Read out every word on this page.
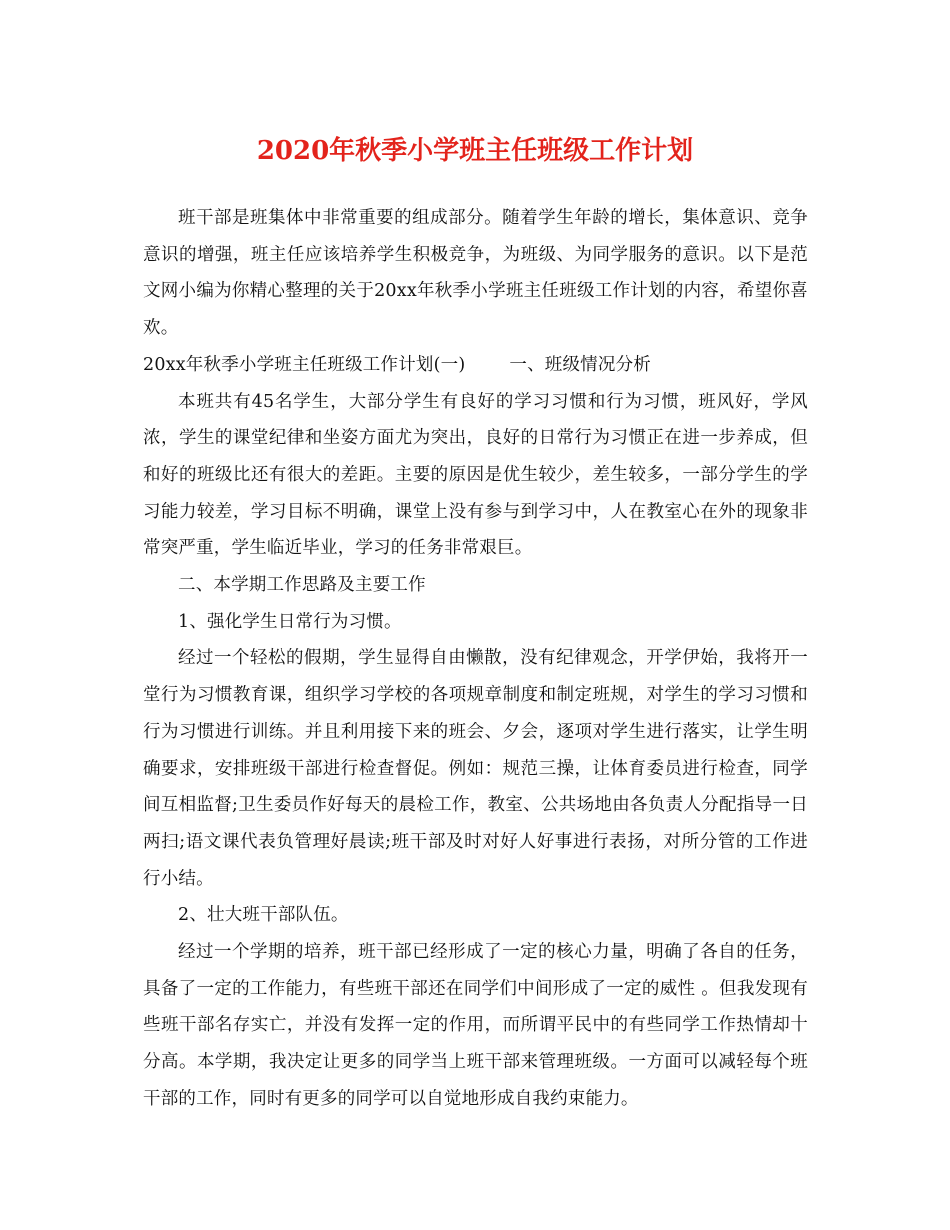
2020年秋季小学班主任班级工作计划

班干部是班集体中非常重要的组成部分。随着学生年龄的增长，集体意识、竞争意识的增强，班主任应该培养学生积极竞争，为班级、为同学服务的意识。以下是范文网小编为你精心整理的关于20xx年秋季小学班主任班级工作计划的内容，希望你喜欢。

20xx年秋季小学班主任班级工作计划(一)	一、班级情况分析

本班共有45名学生，大部分学生有良好的学习习惯和行为习惯，班风好，学风浓，学生的课堂纪律和坐姿方面尤为突出，良好的日常行为习惯正在进一步养成，但和好的班级比还有很大的差距。主要的原因是优生较少，差生较多，一部分学生的学习能力较差，学习目标不明确，课堂上没有参与到学习中，人在教室心在外的现象非常突严重，学生临近毕业，学习的任务非常艰巨。

二、本学期工作思路及主要工作

1、强化学生日常行为习惯。

经过一个轻松的假期，学生显得自由懒散，没有纪律观念，开学伊始，我将开一堂行为习惯教育课，组织学习学校的各项规章制度和制定班规，对学生的学习习惯和行为习惯进行训练。并且利用接下来的班会、夕会，逐项对学生进行落实，让学生明确要求，安排班级干部进行检查督促。例如：规范三操，让体育委员进行检查，同学间互相监督;卫生委员作好每天的晨检工作，教室、公共场地由各负责人分配指导一日两扫;语文课代表负管理好晨读;班干部及时对好人好事进行表扬，对所分管的工作进行小结。

2、壮大班干部队伍。

经过一个学期的培养，班干部已经形成了一定的核心力量，明确了各自的任务，具备了一定的工作能力，有些班干部还在同学们中间形成了一定的威性 。但我发现有些班干部名存实亡，并没有发挥一定的作用，而所谓平民中的有些同学工作热情却十分高。本学期，我决定让更多的同学当上班干部来管理班级。一方面可以减轻每个班干部的工作，同时有更多的同学可以自觉地形成自我约束能力。
